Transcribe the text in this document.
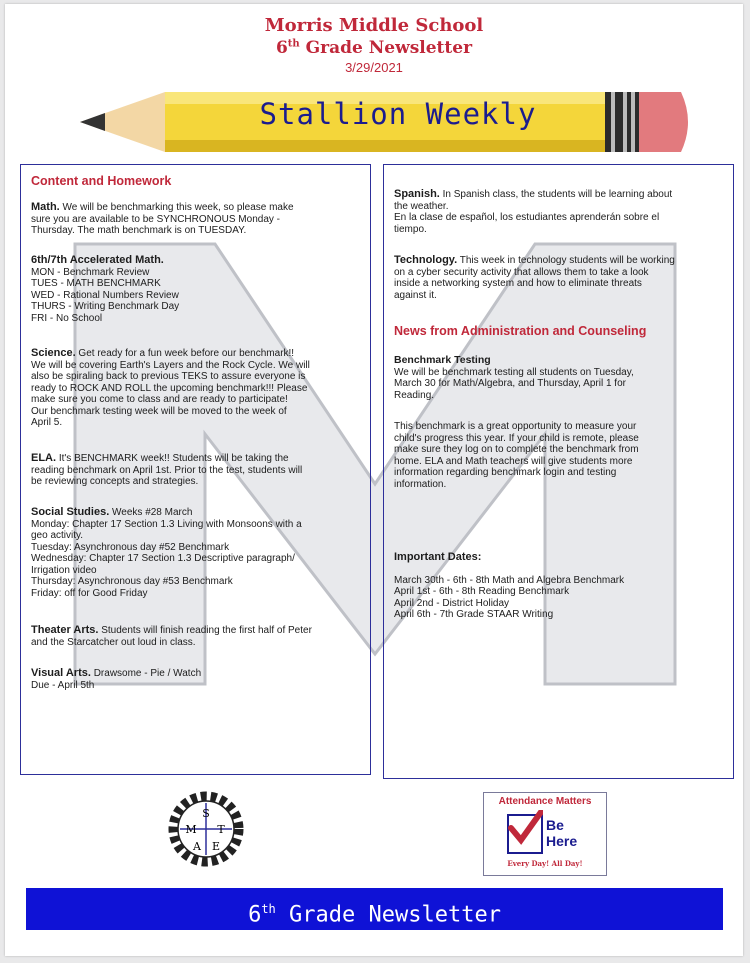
Morris Middle School
6th Grade Newsletter
3/29/2021
Stallion Weekly
Content and Homework
Math. We will be benchmarking this week, so please make
sure you are available to be SYNCHRONOUS Monday -
Thursday. The math benchmark is on TUESDAY.
6th/7th Accelerated Math.
MON - Benchmark Review
TUES - MATH BENCHMARK
WED - Rational Numbers Review
THURS - Writing Benchmark Day
FRI - No School
Science. Get ready for a fun week before our benchmark!!
We will be covering Earth's Layers and the Rock Cycle. We will
also be spiraling back to previous TEKS to assure everyone is
ready to ROCK AND ROLL the upcoming benchmark!!! Please
make sure you come to class and are ready to participate!
Our benchmark testing week will be moved to the week of
April 5.
ELA. It's BENCHMARK week!! Students will be taking the
reading benchmark on April 1st. Prior to the test, students will
be reviewing concepts and strategies.
Social Studies. Weeks #28 March
Monday: Chapter 17 Section 1.3 Living with Monsoons with a
geo activity.
Tuesday: Asynchronous day #52 Benchmark
Wednesday: Chapter 17 Section 1.3 Descriptive paragraph/
Irrigation video
Thursday: Asynchronous day #53 Benchmark
Friday: off for Good Friday
Theater Arts. Students will finish reading the first half of Peter
and the Starcatcher out loud in class.
Visual Arts. Drawsome - Pie / Watch
Due - April 5th
Spanish. In Spanish class, the students will be learning about
the weather.
En la clase de español, los estudiantes aprenderán sobre el
tiempo.
Technology. This week in technology students will be working
on a cyber security activity that allows them to take a look
inside a networking system and how to eliminate threats
against it.
News from Administration and Counseling
Benchmark Testing
We will be benchmark testing all students on Tuesday,
March 30 for Math/Algebra, and Thursday, April 1 for
Reading.
This benchmark is a great opportunity to measure your
child's progress this year. If your child is remote, please
make sure they log on to complete the benchmark from
home. ELA and Math teachers will give students more
information regarding benchmark login and testing
information.
Important Dates:
March 30th - 6th - 8th Math and Algebra Benchmark
April 1st - 6th - 8th Reading Benchmark
April 2nd - District Holiday
April 6th - 7th Grade STAAR Writing
S
M T
A E
Attendance Matters
Be
Here
Every Day! All Day!
6th Grade Newsletter
